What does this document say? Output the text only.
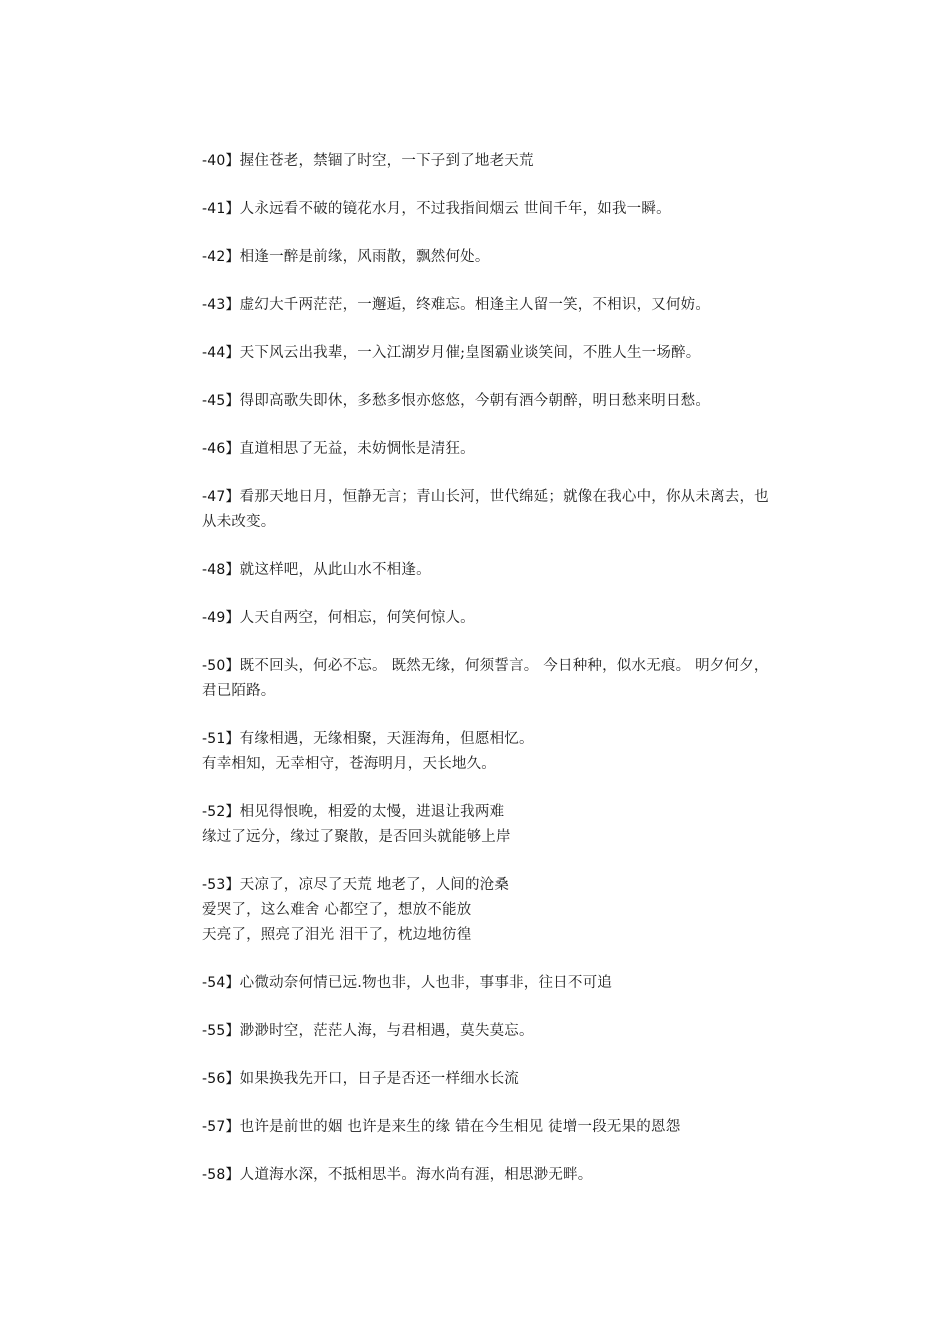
-40】握住苍老，禁锢了时空，一下子到了地老天荒
-41】人永远看不破的镜花水月，不过我指间烟云 世间千年，如我一瞬。
-42】相逢一醉是前缘，风雨散，飘然何处。
-43】虚幻大千两茫茫，一邂逅，终难忘。相逢主人留一笑，不相识，又何妨。
-44】天下风云出我辈，一入江湖岁月催;皇图霸业谈笑间，不胜人生一场醉。
-45】得即高歌失即休，多愁多恨亦悠悠，今朝有酒今朝醉，明日愁来明日愁。
-46】直道相思了无益，未妨惆怅是清狂。
-47】看那天地日月，恒静无言；青山长河，世代绵延；就像在我心中，你从未离去，也
从未改变。
-48】就这样吧，从此山水不相逢。
-49】人天自两空，何相忘，何笑何惊人。
-50】既不回头，何必不忘。 既然无缘，何须誓言。 今日种种，似水无痕。 明夕何夕，
君已陌路。
-51】有缘相遇，无缘相聚，天涯海角，但愿相忆。
有幸相知，无幸相守，苍海明月，天长地久。
-52】相见得恨晚，相爱的太慢，进退让我两难
缘过了远分，缘过了聚散，是否回头就能够上岸
-53】天凉了，凉尽了天荒 地老了，人间的沧桑
爱哭了，这么难舍 心都空了，想放不能放
天亮了，照亮了泪光 泪干了，枕边地彷徨
-54】心微动奈何情已远.物也非，人也非，事事非，往日不可追
-55】渺渺时空，茫茫人海，与君相遇，莫失莫忘。
-56】如果换我先开口，日子是否还一样细水长流
-57】也许是前世的姻 也许是来生的缘 错在今生相见 徒增一段无果的恩怨
-58】人道海水深，不抵相思半。海水尚有涯，相思渺无畔。
